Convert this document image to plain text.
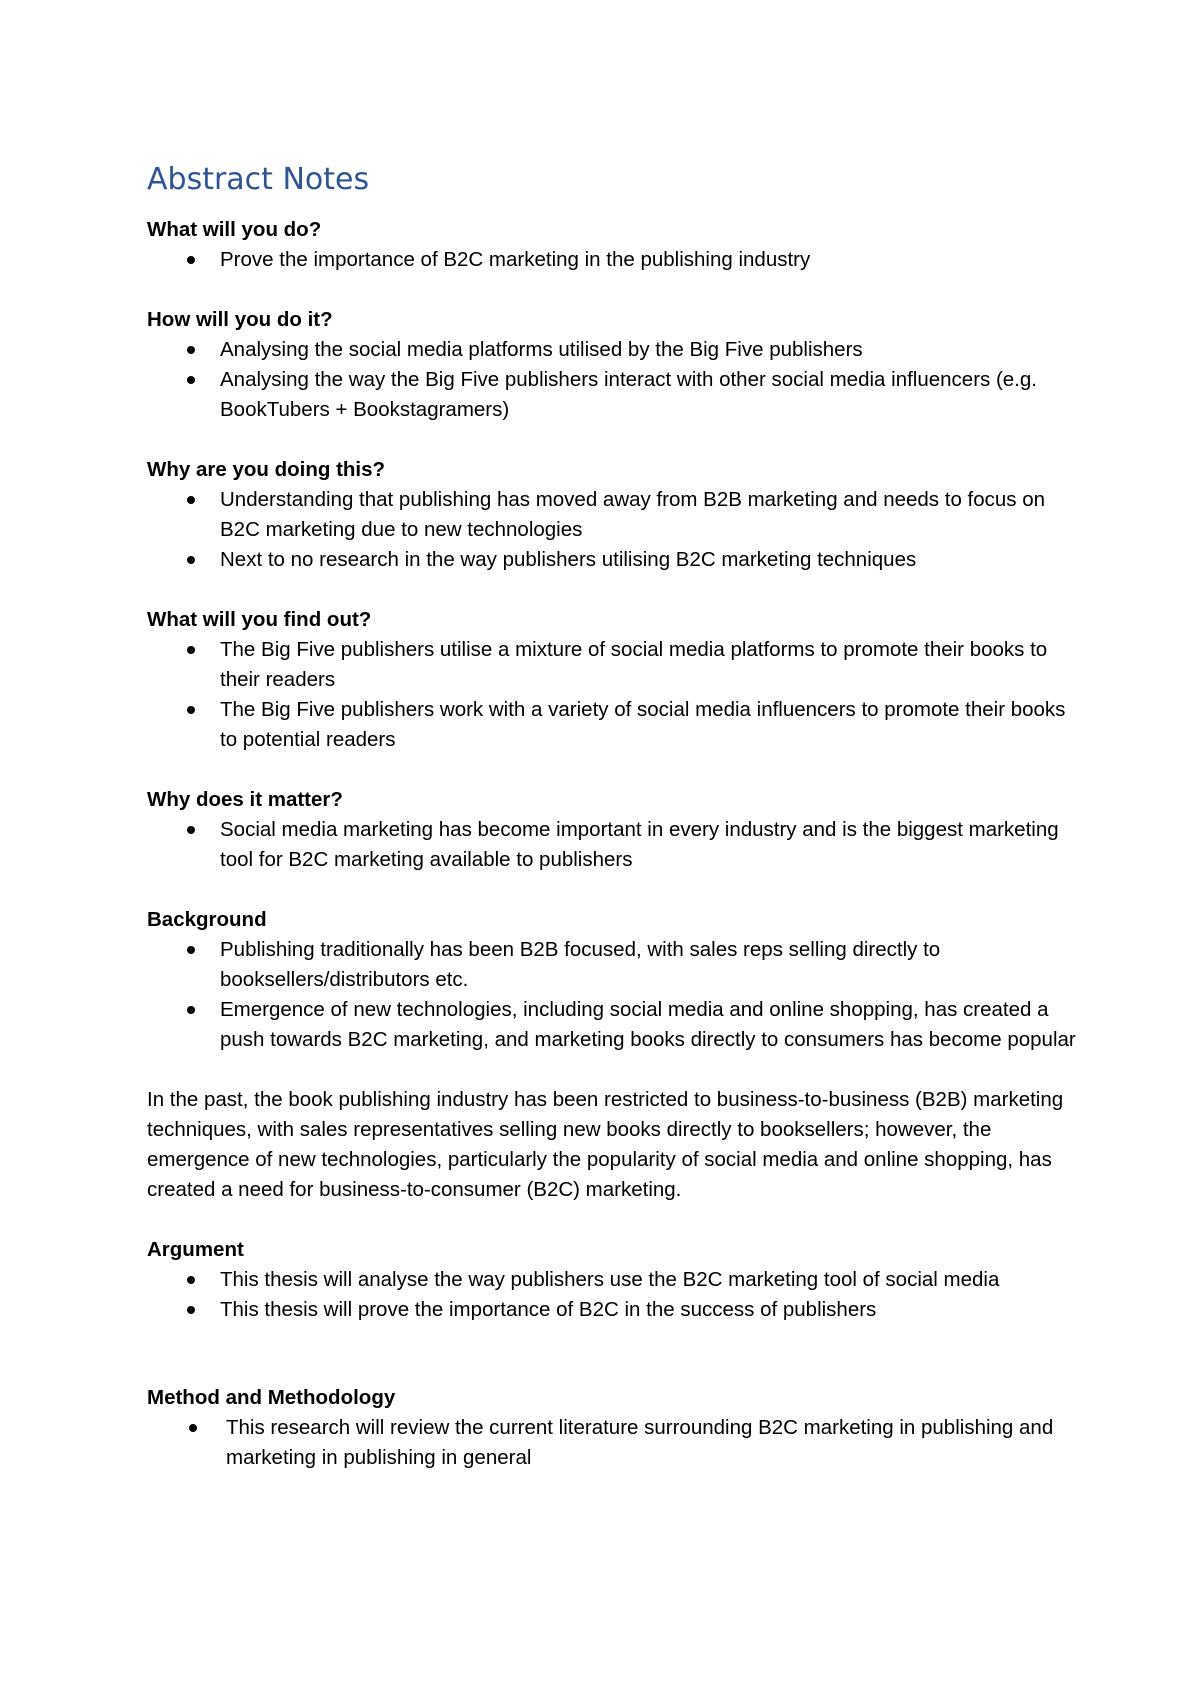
Abstract Notes

What will you do?

Prove the importance of B2C marketing in the publishing industry

How will you do it?

Analysing the social media platforms utilised by the Big Five publishers
Analysing the way the Big Five publishers interact with other social media influencers (e.g. BookTubers + Bookstagramers)

Why are you doing this?

Understanding that publishing has moved away from B2B marketing and needs to focus on B2C marketing due to new technologies
Next to no research in the way publishers utilising B2C marketing techniques

What will you find out?

The Big Five publishers utilise a mixture of social media platforms to promote their books to their readers
The Big Five publishers work with a variety of social media influencers to promote their books to potential readers

Why does it matter?

Social media marketing has become important in every industry and is the biggest marketing tool for B2C marketing available to publishers

Background

Publishing traditionally has been B2B focused, with sales reps selling directly to booksellers/distributors etc.
Emergence of new technologies, including social media and online shopping, has created a push towards B2C marketing, and marketing books directly to consumers has become popular

In the past, the book publishing industry has been restricted to business-to-business (B2B) marketing techniques, with sales representatives selling new books directly to booksellers; however, the emergence of new technologies, particularly the popularity of social media and online shopping, has created a need for business-to-consumer (B2C) marketing.

Argument

This thesis will analyse the way publishers use the B2C marketing tool of social media
This thesis will prove the importance of B2C in the success of publishers

Method and Methodology

This research will review the current literature surrounding B2C marketing in publishing and marketing in publishing in general
